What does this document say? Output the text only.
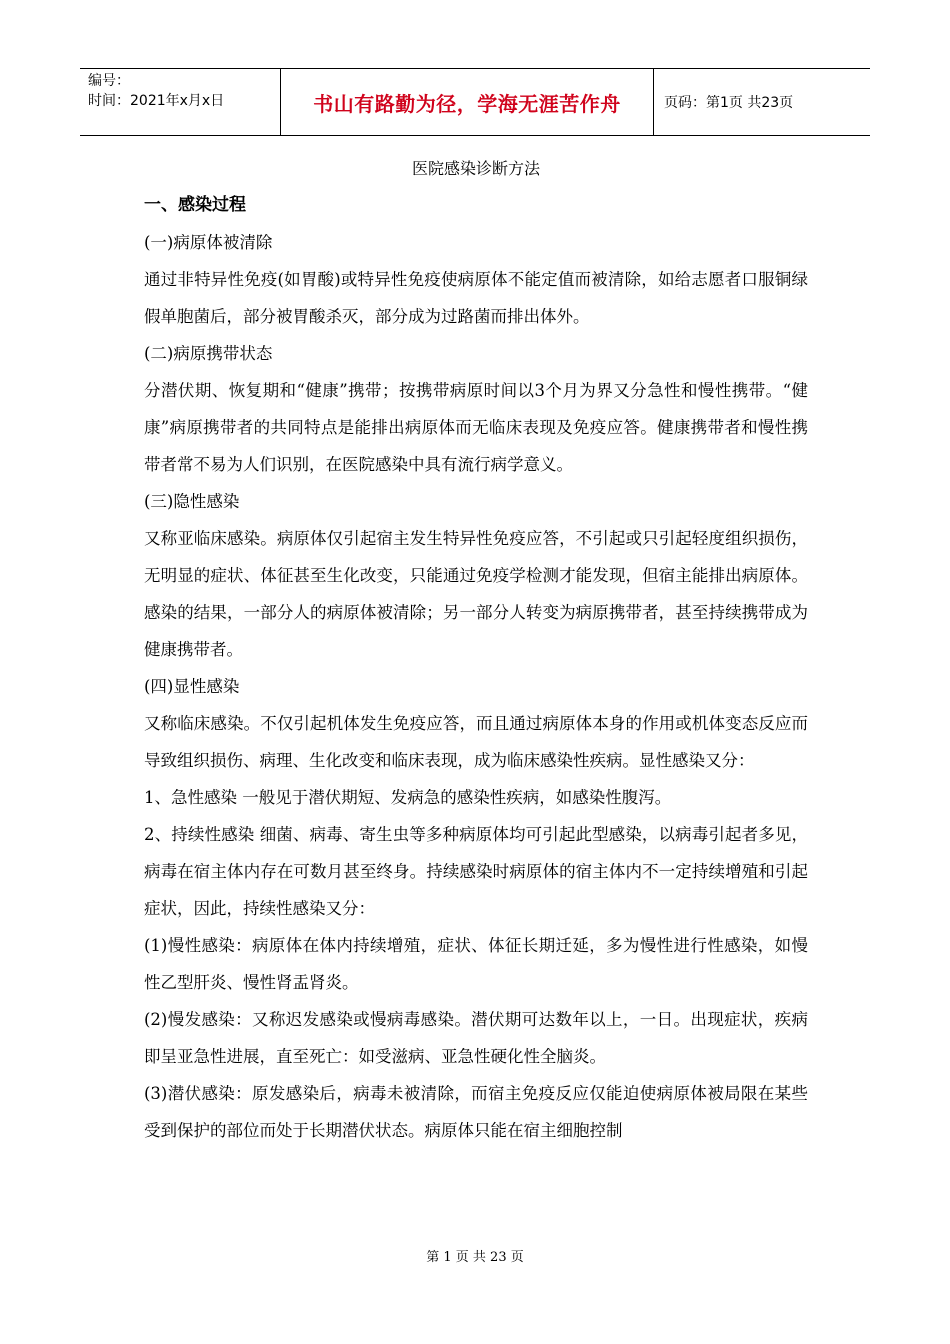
编号：
时间：2021年x月x日	书山有路勤为径，学海无涯苦作舟	页码：第1页 共23页
医院感染诊断方法
一、感染过程

(一)病原体被清除

通过非特异性免疫(如胃酸)或特异性免疫使病原体不能定值而被清除，如给志愿者口服铜绿假单胞菌后，部分被胃酸杀灭，部分成为过路菌而排出体外。

(二)病原携带状态

分潜伏期、恢复期和“健康”携带；按携带病原时间以3个月为界又分急性和慢性携带。“健康”病原携带者的共同特点是能排出病原体而无临床表现及免疫应答。健康携带者和慢性携带者常不易为人们识别，在医院感染中具有流行病学意义。

(三)隐性感染

又称亚临床感染。病原体仅引起宿主发生特异性免疫应答，不引起或只引起轻度组织损伤，无明显的症状、体征甚至生化改变，只能通过免疫学检测才能发现，但宿主能排出病原体。感染的结果，一部分人的病原体被清除；另一部分人转变为病原携带者，甚至持续携带成为健康携带者。

(四)显性感染

又称临床感染。不仅引起机体发生免疫应答，而且通过病原体本身的作用或机体变态反应而导致组织损伤、病理、生化改变和临床表现，成为临床感染性疾病。显性感染又分：

1、急性感染 一般见于潜伏期短、发病急的感染性疾病，如感染性腹泻。

2、持续性感染 细菌、病毒、寄生虫等多种病原体均可引起此型感染，以病毒引起者多见，病毒在宿主体内存在可数月甚至终身。持续感染时病原体的宿主体内不一定持续增殖和引起症状，因此，持续性感染又分：

(1)慢性感染：病原体在体内持续增殖，症状、体征长期迁延，多为慢性进行性感染，如慢性乙型肝炎、慢性肾盂肾炎。

(2)慢发感染：又称迟发感染或慢病毒感染。潜伏期可达数年以上，一日。出现症状，疾病即呈亚急性进展，直至死亡：如受滋病、亚急性硬化性全脑炎。

(3)潜伏感染：原发感染后，病毒未被清除，而宿主免疫反应仅能迫使病原体被局限在某些受到保护的部位而处于长期潜伏状态。病原体只能在宿主细胞控制

第 1 页 共 23 页
